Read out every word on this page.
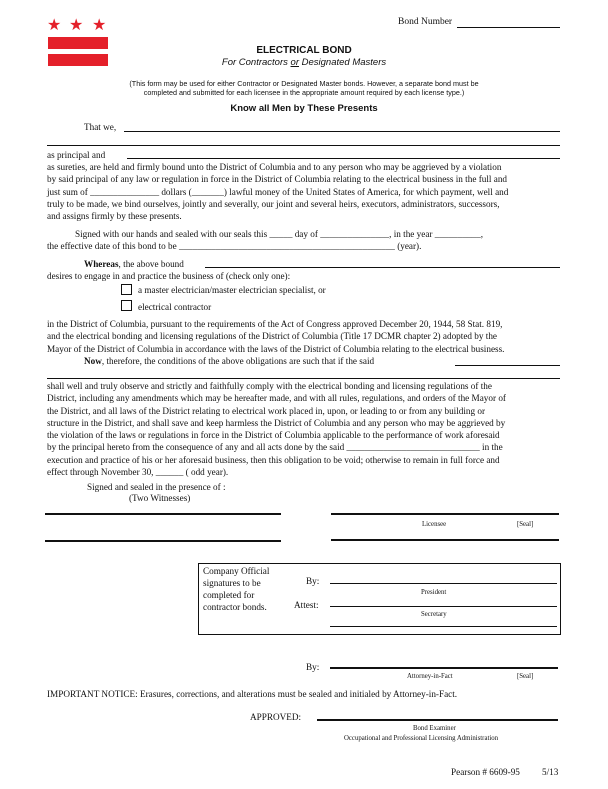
★ ★ ★	Bond Number
ELECTRICAL BOND
For Contractors or Designated Masters
(This form may be used for either Contractor or Designated Master bonds. However, a separate bond must be
completed and submitted for each licensee in the appropriate amount required by each license type.)
Know all Men by These Presents
That we,
as principal and
as sureties, are held and firmly bound unto the District of Columbia and to any person who may be aggrieved by a violation
by said principal of any law or regulation in force in the District of Columbia relating to the electrical business in the full and
just sum of _______________ dollars (_______) lawful money of the United States of America, for which payment, well and
truly to be made, we bind ourselves, jointly and severally, our joint and several heirs, executors, administrators, successors,
and assigns firmly by these presents.
Signed with our hands and sealed with our seals this _____ day of _______________, in the year __________,
the effective date of this bond to be _______________________________________________ (year).
Whereas, the above bound
desires to engage in and practice the business of (check only one):
a master electrician/master electrician specialist, or
electrical contractor
in the District of Columbia, pursuant to the requirements of the Act of Congress approved December 20, 1944, 58 Stat. 819,
and the electrical bonding and licensing regulations of the District of Columbia (Title 17 DCMR chapter 2) adopted by the
Mayor of the District of Columbia in accordance with the laws of the District of Columbia relating to the electrical business.
Now, therefore, the conditions of the above obligations are such that if the said
shall well and truly observe and strictly and faithfully comply with the electrical bonding and licensing regulations of the
District, including any amendments which may be hereafter made, and with all rules, regulations, and orders of the Mayor of
the District, and all laws of the District relating to electrical work placed in, upon, or leading to or from any building or
structure in the District, and shall save and keep harmless the District of Columbia and any person who may be aggrieved by
the violation of the laws or regulations in force in the District of Columbia applicable to the performance of work aforesaid
by the principal hereto from the consequence of any and all acts done by the said _____________________________ in the
execution and practice of his or her aforesaid business, then this obligation to be void; otherwise to remain in full force and
effect through November 30, ______ ( odd year).
Signed and sealed in the presence of :
(Two Witnesses)
Licensee	[Seal]
Company Official
signatures to be
completed for
contractor bonds.
By:
President
Attest:
Secretary
By:
Attorney-in-Fact	[Seal]
IMPORTANT NOTICE: Erasures, corrections, and alterations must be sealed and initialed by Attorney-in-Fact.
APPROVED:
Bond Examiner
Occupational and Professional Licensing Administration
Pearson # 6609-95 5/13
